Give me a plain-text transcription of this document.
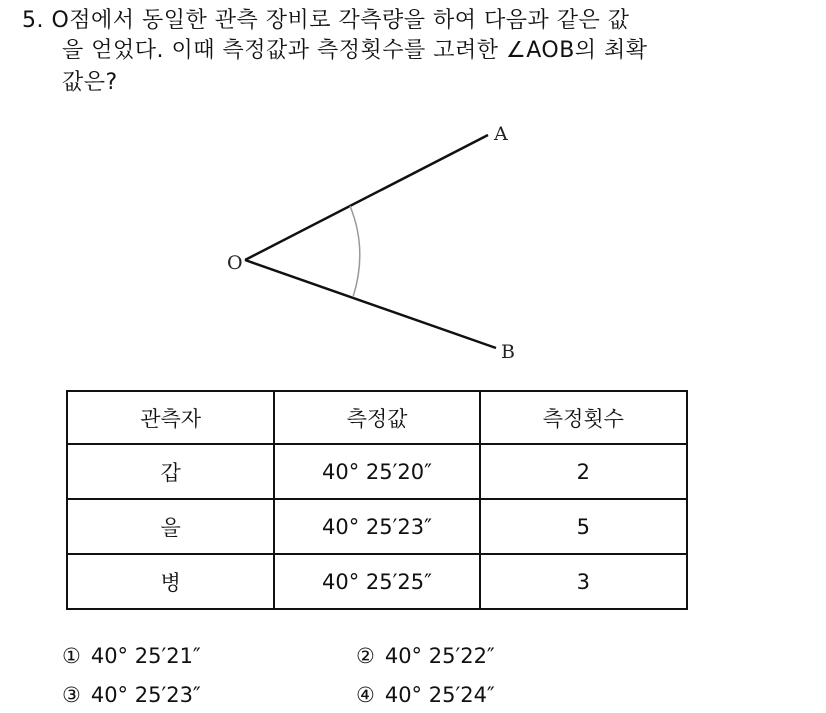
5. O점에서 동일한 관측 장비로 각측량을 하여 다음과 같은 값
을 얻었다. 이때 측정값과 측정횟수를 고려한 ∠AOB의 최확
값은?
O
A
B
관측자	측정값	측정횟수
갑	40° 25′20″	2
을	40° 25′23″	5
병	40° 25′25″	3
① 40° 25′21″	② 40° 25′22″
③ 40° 25′23″	④ 40° 25′24″
